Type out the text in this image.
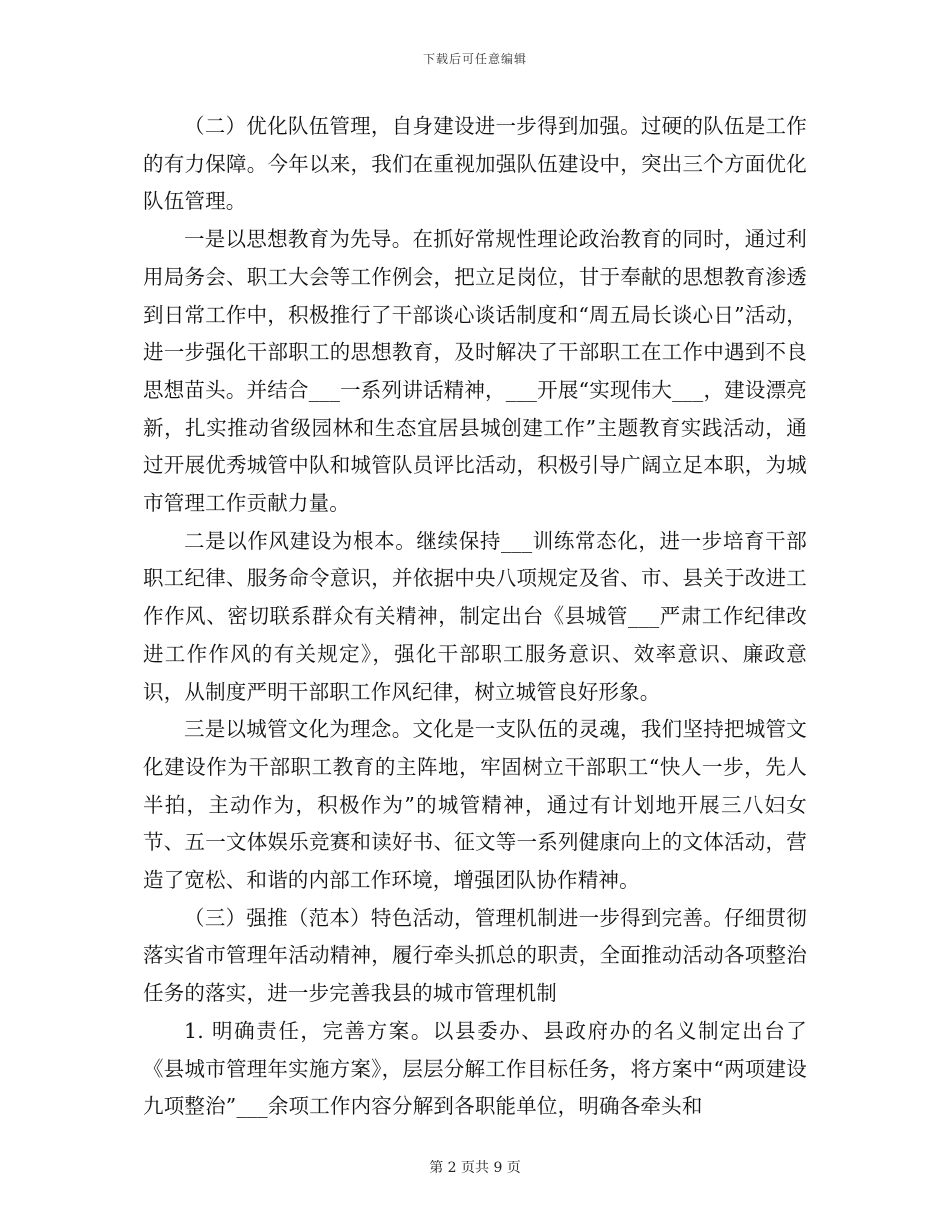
下载后可任意编辑

（二）优化队伍管理，自身建设进一步得到加强。过硬的队伍是工作的有力保障。今年以来，我们在重视加强队伍建设中，突出三个方面优化队伍管理。

一是以思想教育为先导。在抓好常规性理论政治教育的同时，通过利用局务会、职工大会等工作例会，把立足岗位，甘于奉献的思想教育渗透到日常工作中，积极推行了干部谈心谈话制度和“周五局长谈心日”活动，进一步强化干部职工的思想教育，及时解决了干部职工在工作中遇到不良思想苗头。并结合___一系列讲话精神，___开展“实现伟大___，建设漂亮新，扎实推动省级园林和生态宜居县城创建工作”主题教育实践活动，通过开展优秀城管中队和城管队员评比活动，积极引导广阔立足本职，为城市管理工作贡献力量。

二是以作风建设为根本。继续保持___训练常态化，进一步培育干部职工纪律、服务命令意识，并依据中央八项规定及省、市、县关于改进工作作风、密切联系群众有关精神，制定出台《县城管___严肃工作纪律改进工作作风的有关规定》，强化干部职工服务意识、效率意识、廉政意识，从制度严明干部职工作风纪律，树立城管良好形象。

三是以城管文化为理念。文化是一支队伍的灵魂，我们坚持把城管文化建设作为干部职工教育的主阵地，牢固树立干部职工“快人一步，先人半拍，主动作为，积极作为”的城管精神，通过有计划地开展三八妇女节、五一文体娱乐竞赛和读好书、征文等一系列健康向上的文体活动，营造了宽松、和谐的内部工作环境，增强团队协作精神。

（三）强推（范本）特色活动，管理机制进一步得到完善。仔细贯彻落实省市管理年活动精神，履行牵头抓总的职责，全面推动活动各项整治任务的落实，进一步完善我县的城市管理机制

1. 明确责任，完善方案。以县委办、县政府办的名义制定出台了《县城市管理年实施方案》，层层分解工作目标任务，将方案中“两项建设九项整治”___余项工作内容分解到各职能单位，明确各牵头和

第 2 页共 9 页
